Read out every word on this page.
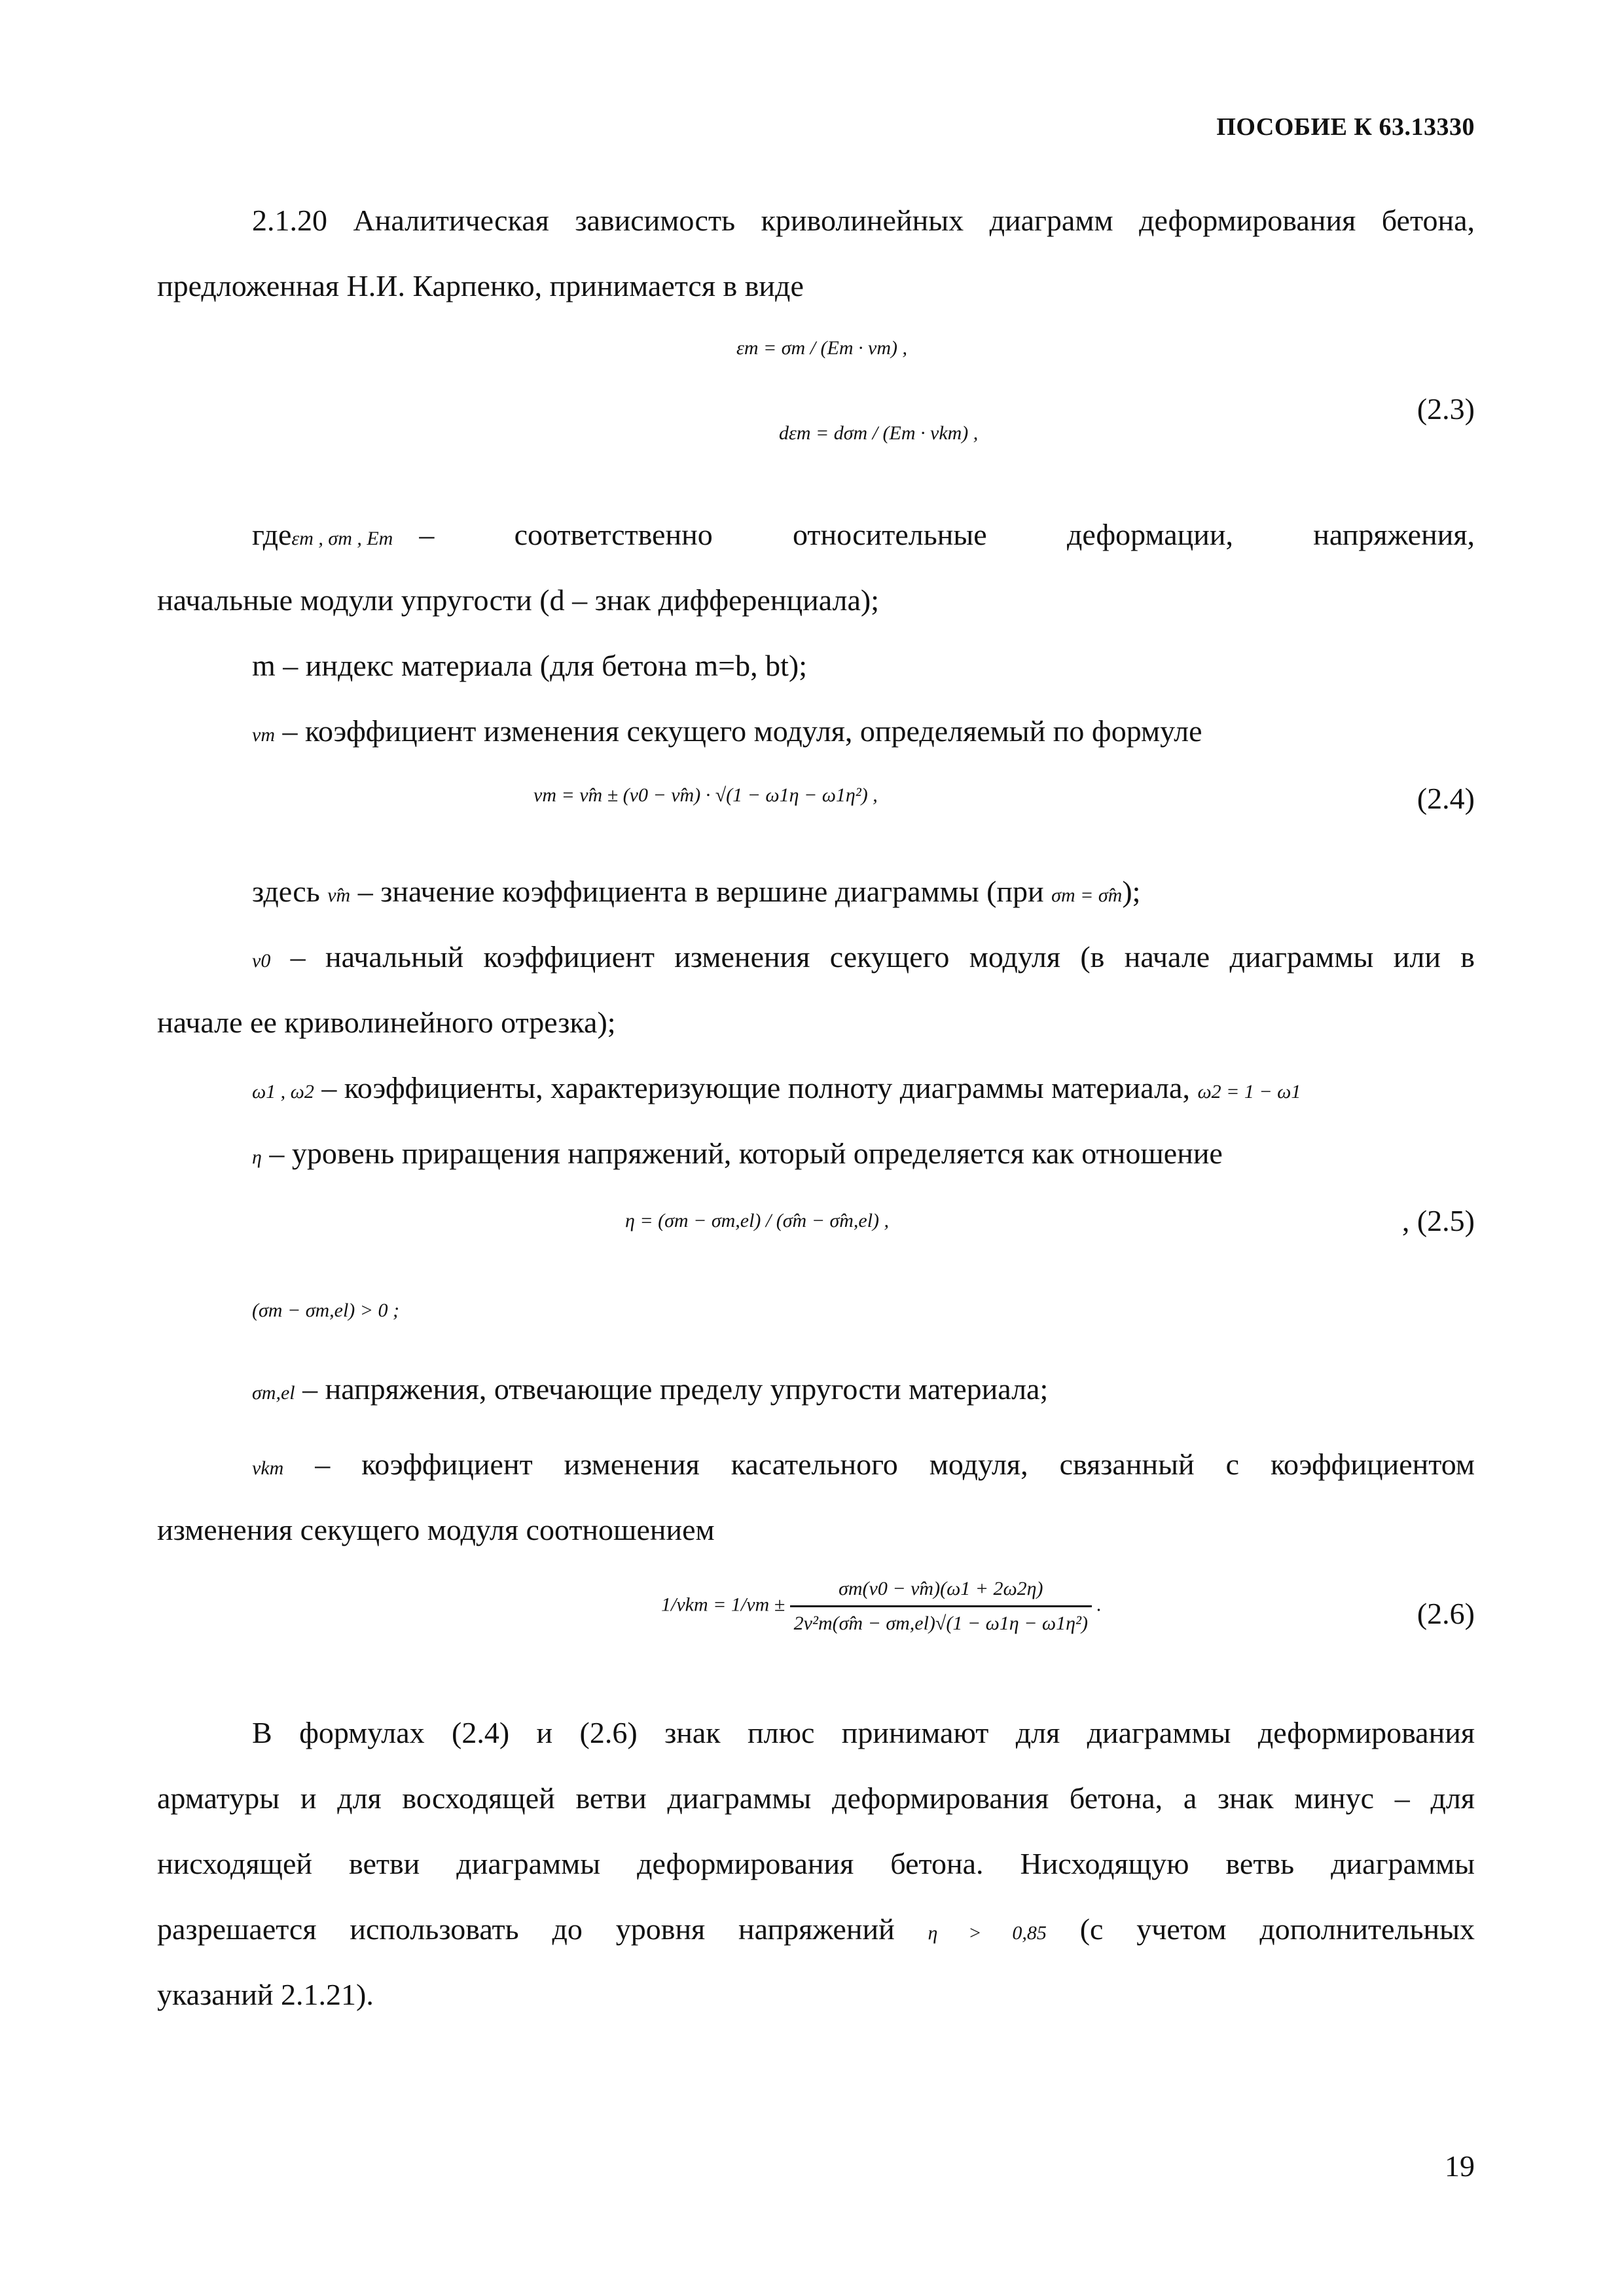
ПОСОБИЕ К 63.13330
2.1.20 Аналитическая зависимость криволинейных диаграмм деформирования бетона,
предложенная Н.И. Карпенко, принимается в виде
εm = σm / (Em · νm) ,
dεm = dσm / (Em · νkm) ,
(2.3)
где εm , σm , Em – соответственно относительные деформации, напряжения,
начальные модули упругости (d – знак дифференциала);
m – индекс материала (для бетона m=b, bt);
νm – коэффициент изменения секущего модуля, определяемый по формуле
νm = ν̂m ± (ν0 − ν̂m) · √(1 − ω1η − ω1η²) ,	(2.4)
здесь ν̂m – значение коэффициента в вершине диаграммы (при σm = σ̂m);
ν0 – начальный коэффициент изменения секущего модуля (в начале диаграммы или в
начале ее криволинейного отрезка);
ω1 , ω2 – коэффициенты, характеризующие полноту диаграммы материала, ω2 = 1 − ω1
η – уровень приращения напряжений, который определяется как отношение
η = (σm − σm,el) / (σ̂m − σ̂m,el) ,	, (2.5)
(σm − σm,el) > 0 ;
σm,el – напряжения, отвечающие пределу упругости материала;
νkm – коэффициент изменения касательного модуля, связанный с коэффициентом
изменения секущего модуля соотношением
$1/\nu km = 1/\nu m \pm \frac{\sigma m(\nu 0 - \nûm)(\omega 1 + 2\omega 2\eta)}{\text{2ν²m(σ̂m − σm,el)√(1 − ω1η − ω1η²)}}$ .	(2.6)
В формулах (2.4) и (2.6) знак плюс принимают для диаграммы деформирования
арматуры и для восходящей ветви диаграммы деформирования бетона, а знак минус – для
нисходящей ветви диаграммы деформирования бетона. Нисходящую ветвь диаграммы
разрешается использовать до уровня напряжений η > 0,85 (с учетом дополнительных
указаний 2.1.21).
19
